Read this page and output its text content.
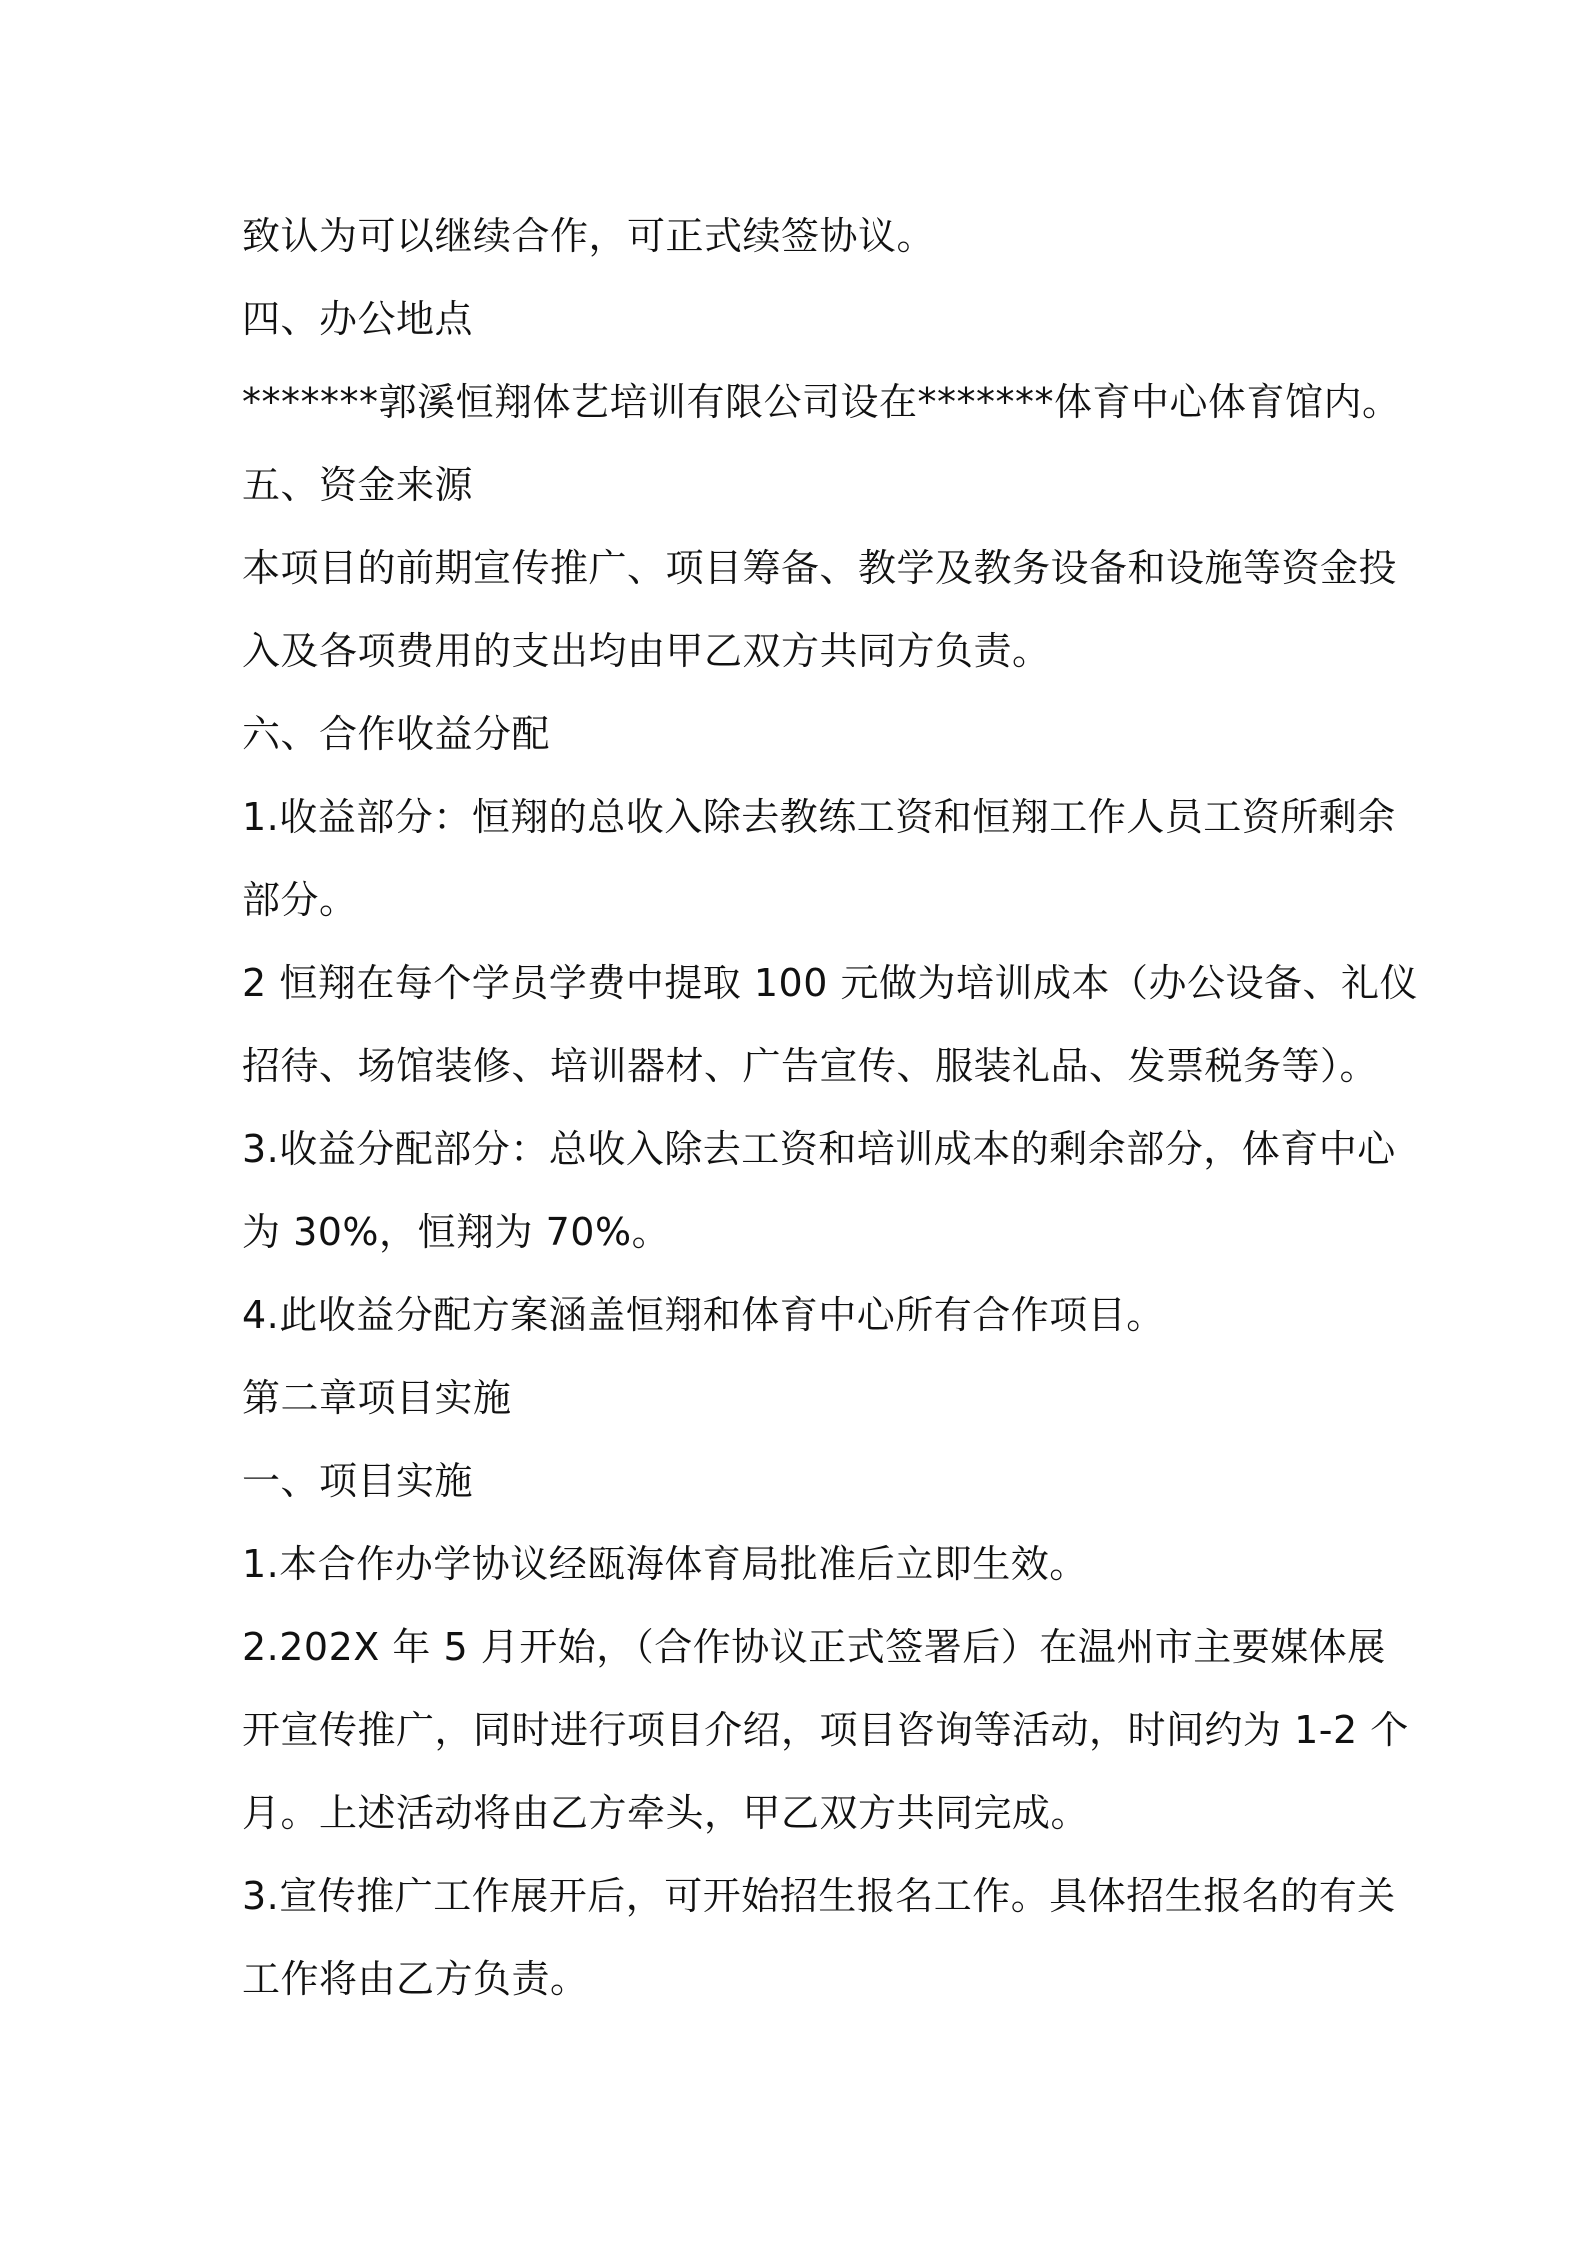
致认为可以继续合作，可正式续签协议。

四、办公地点

*******郭溪恒翔体艺培训有限公司设在*******体育中心体育馆内。

五、资金来源

本项目的前期宣传推广、项目筹备、教学及教务设备和设施等资金投

入及各项费用的支出均由甲乙双方共同方负责。

六、合作收益分配

1.收益部分：恒翔的总收入除去教练工资和恒翔工作人员工资所剩余

部分。

2 恒翔在每个学员学费中提取 100 元做为培训成本（办公设备、礼仪

招待、场馆装修、培训器材、广告宣传、服装礼品、发票税务等）。

3.收益分配部分：总收入除去工资和培训成本的剩余部分，体育中心

为 30%，恒翔为 70%。

4.此收益分配方案涵盖恒翔和体育中心所有合作项目。

第二章项目实施

一、项目实施

1.本合作办学协议经瓯海体育局批准后立即生效。

2.202X 年 5 月开始，（合作协议正式签署后）在温州市主要媒体展

开宣传推广，同时进行项目介绍，项目咨询等活动，时间约为 1-2 个

月。上述活动将由乙方牵头，甲乙双方共同完成。

3.宣传推广工作展开后，可开始招生报名工作。具体招生报名的有关

工作将由乙方负责。
